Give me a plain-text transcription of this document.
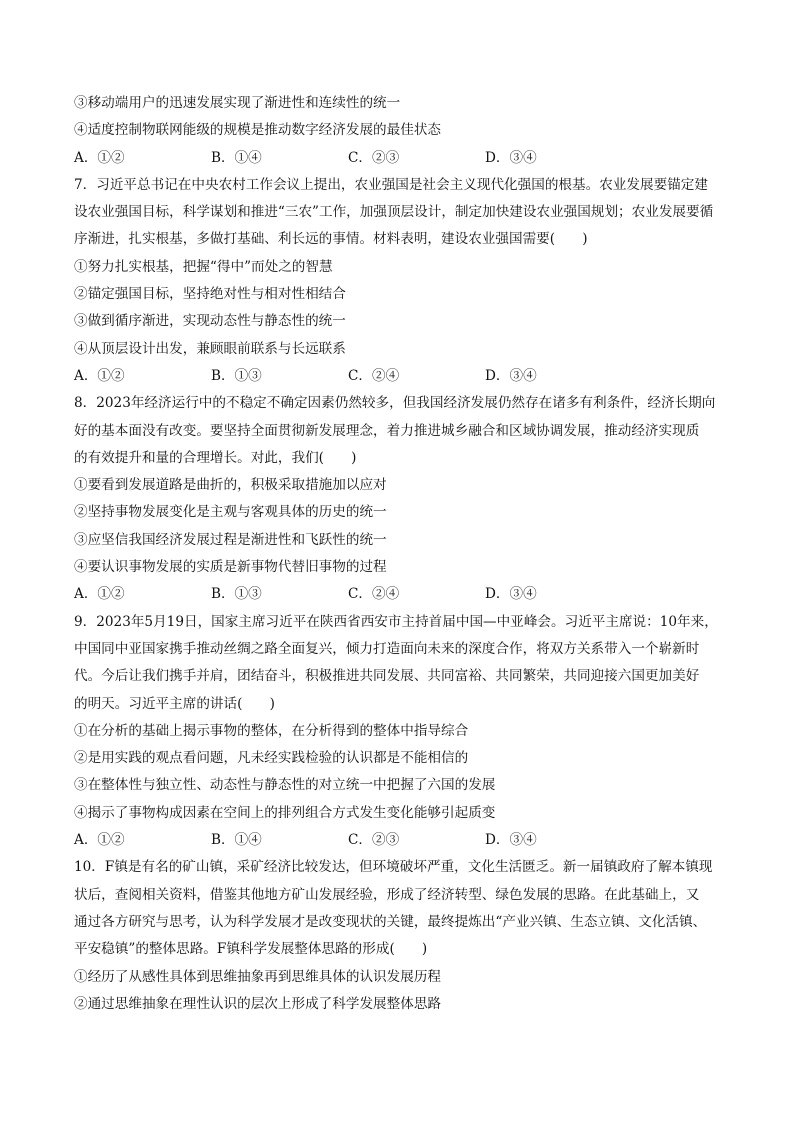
③移动端用户的迅速发展实现了渐进性和连续性的统一
④适度控制物联网能级的规模是推动数字经济发展的最佳状态
A．①②	B．①④	C．②③	D．③④
7．习近平总书记在中央农村工作会议上提出，农业强国是社会主义现代化强国的根基。农业发展要锚定建
设农业强国目标，科学谋划和推进“三农”工作，加强顶层设计，制定加快建设农业强国规划；农业发展要循
序渐进，扎实根基，多做打基础、利长远的事情。材料表明，建设农业强国需要(　　)
①努力扎实根基，把握“得中”而处之的智慧
②锚定强国目标，坚持绝对性与相对性相结合
③做到循序渐进，实现动态性与静态性的统一
④从顶层设计出发，兼顾眼前联系与长远联系
A．①②	B．①③	C．②④	D．③④
8．2023年经济运行中的不稳定不确定因素仍然较多，但我国经济发展仍然存在诸多有利条件，经济长期向
好的基本面没有改变。要坚持全面贯彻新发展理念，着力推进城乡融合和区域协调发展，推动经济实现质
的有效提升和量的合理增长。对此，我们(　　)
①要看到发展道路是曲折的，积极采取措施加以应对
②坚持事物发展变化是主观与客观具体的历史的统一
③应坚信我国经济发展过程是渐进性和飞跃性的统一
④要认识事物发展的实质是新事物代替旧事物的过程
A．①②	B．①③	C．②④	D．③④
9．2023年5月19日，国家主席习近平在陕西省西安市主持首届中国—中亚峰会。习近平主席说：10年来，
中国同中亚国家携手推动丝绸之路全面复兴，倾力打造面向未来的深度合作，将双方关系带入一个崭新时
代。今后让我们携手并肩，团结奋斗，积极推进共同发展、共同富裕、共同繁荣，共同迎接六国更加美好
的明天。习近平主席的讲话(　　)
①在分析的基础上揭示事物的整体，在分析得到的整体中指导综合
②是用实践的观点看问题，凡未经实践检验的认识都是不能相信的
③在整体性与独立性、动态性与静态性的对立统一中把握了六国的发展
④揭示了事物构成因素在空间上的排列组合方式发生变化能够引起质变
A．①②	B．①④	C．②③	D．③④
10．F镇是有名的矿山镇，采矿经济比较发达，但环境破坏严重，文化生活匮乏。新一届镇政府了解本镇现
状后，查阅相关资料，借鉴其他地方矿山发展经验，形成了经济转型、绿色发展的思路。在此基础上，又
通过各方研究与思考，认为科学发展才是改变现状的关键，最终提炼出“产业兴镇、生态立镇、文化活镇、
平安稳镇”的整体思路。F镇科学发展整体思路的形成(　　)
①经历了从感性具体到思维抽象再到思维具体的认识发展历程
②通过思维抽象在理性认识的层次上形成了科学发展整体思路
